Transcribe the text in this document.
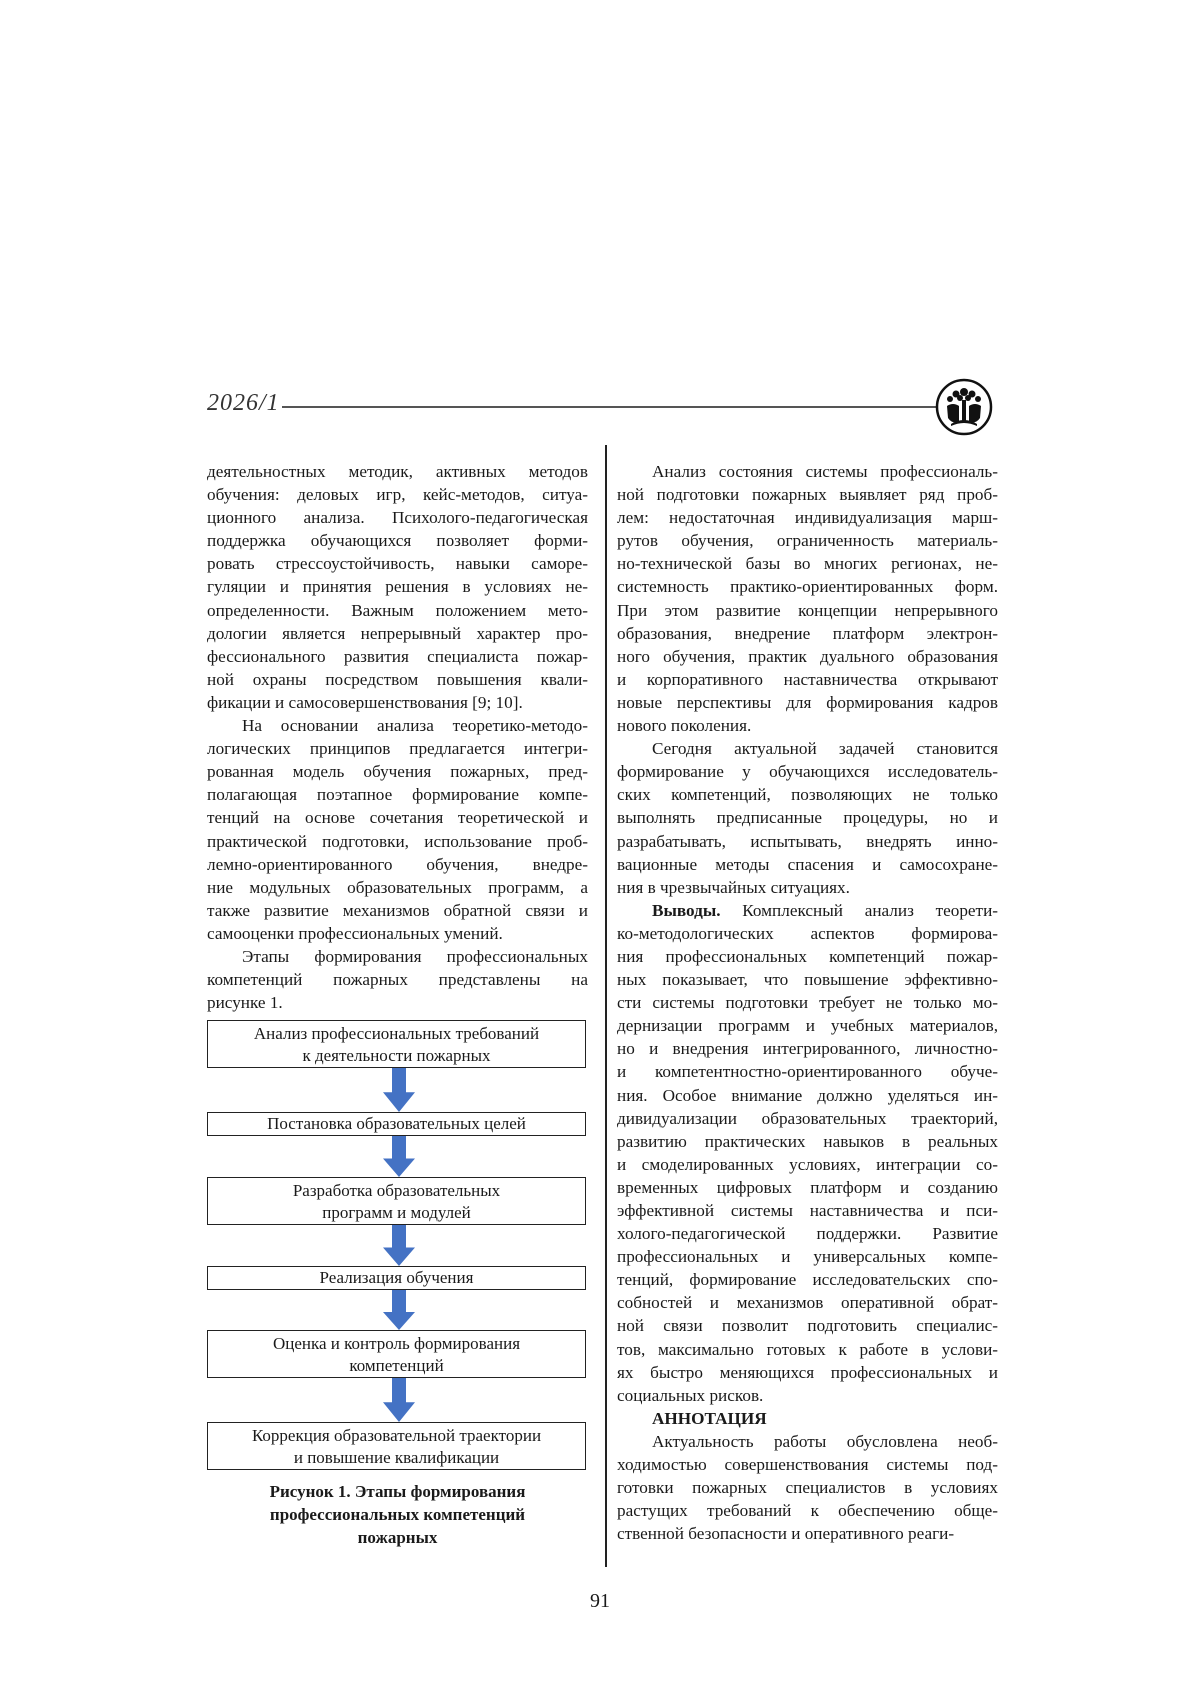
2026/1
деятельностных методик, активных методов
обучения: деловых игр, кейс-методов, ситуа-
ционного анализа. Психолого-педагогическая
поддержка обучающихся позволяет форми-
ровать стрессоустойчивость, навыки саморе-
гуляции и принятия решения в условиях не-
определенности. Важным положением мето-
дологии является непрерывный характер про-
фессионального развития специалиста пожар-
ной охраны посредством повышения квали-
фикации и самосовершенствования [9; 10].
На основании анализа теоретико-методо-
логических принципов предлагается интегри-
рованная модель обучения пожарных, пред-
полагающая поэтапное формирование компе-
тенций на основе сочетания теоретической и
практической подготовки, использование проб-
лемно-ориентированного обучения, внедре-
ние модульных образовательных программ, а
также развитие механизмов обратной связи и
самооценки профессиональных умений.
Этапы формирования профессиональных
компетенций пожарных представлены на
рисунке 1.
Анализ состояния системы профессиональ-
ной подготовки пожарных выявляет ряд проб-
лем: недостаточная индивидуализация марш-
рутов обучения, ограниченность материаль-
но-технической базы во многих регионах, не-
системность практико-ориентированных форм.
При этом развитие концепции непрерывного
образования, внедрение платформ электрон-
ного обучения, практик дуального образования
и корпоративного наставничества открывают
новые перспективы для формирования кадров
нового поколения.
Сегодня актуальной задачей становится
формирование у обучающихся исследователь-
ских компетенций, позволяющих не только
выполнять предписанные процедуры, но и
разрабатывать, испытывать, внедрять инно-
вационные методы спасения и самосохране-
ния в чрезвычайных ситуациях.
Выводы. Комплексный анализ теорети-
ко-методологических аспектов формирова-
ния профессиональных компетенций пожар-
ных показывает, что повышение эффективно-
сти системы подготовки требует не только мо-
дернизации программ и учебных материалов,
но и внедрения интегрированного, личностно-
и компетентностно-ориентированного обуче-
ния. Особое внимание должно уделяться ин-
дивидуализации образовательных траекторий,
развитию практических навыков в реальных
и смоделированных условиях, интеграции со-
временных цифровых платформ и созданию
эффективной системы наставничества и пси-
холого-педагогической поддержки. Развитие
профессиональных и универсальных компе-
тенций, формирование исследовательских спо-
собностей и механизмов оперативной обрат-
ной связи позволит подготовить специалис-
тов, максимально готовых к работе в услови-
ях быстро меняющихся профессиональных и
социальных рисков.
АННОТАЦИЯ
Актуальность работы обусловлена необ-
ходимостью совершенствования системы под-
готовки пожарных специалистов в условиях
растущих требований к обеспечению обще-
ственной безопасности и оперативного реаги-
Анализ профессиональных требований
к деятельности пожарных
Постановка образовательных целей
Разработка образовательных
программ и модулей
Реализация обучения
Оценка и контроль формирования
компетенций
Коррекция образовательной траектории
и повышение квалификации
Рисунок 1. Этапы формирования
профессиональных компетенций
пожарных
91
